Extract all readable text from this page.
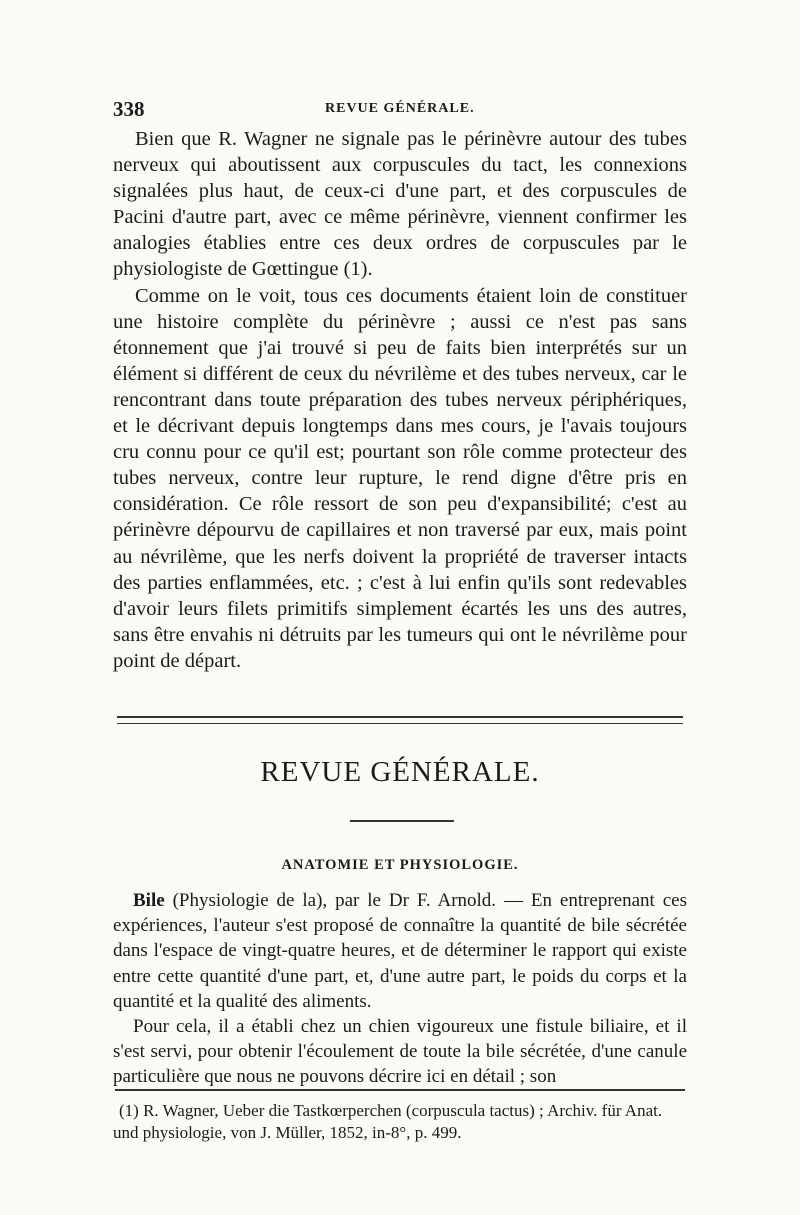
338	REVUE GÉNÉRALE.

Bien que R. Wagner ne signale pas le périnèvre autour des tubes nerveux qui aboutissent aux corpuscules du tact, les connexions signalées plus haut, de ceux-ci d'une part, et des corpuscules de Pacini d'autre part, avec ce même périnèvre, viennent confirmer les analogies établies entre ces deux ordres de corpuscules par le physiologiste de Gœttingue (1).

Comme on le voit, tous ces documents étaient loin de constituer une histoire complète du périnèvre ; aussi ce n'est pas sans étonnement que j'ai trouvé si peu de faits bien interprétés sur un élément si différent de ceux du névrilème et des tubes nerveux, car le rencontrant dans toute préparation des tubes nerveux périphériques, et le décrivant depuis longtemps dans mes cours, je l'avais toujours cru connu pour ce qu'il est; pourtant son rôle comme protecteur des tubes nerveux, contre leur rupture, le rend digne d'être pris en considération. Ce rôle ressort de son peu d'expansibilité; c'est au périnèvre dépourvu de capillaires et non traversé par eux, mais point au névrilème, que les nerfs doivent la propriété de traverser intacts des parties enflammées, etc. ; c'est à lui enfin qu'ils sont redevables d'avoir leurs filets primitifs simplement écartés les uns des autres, sans être envahis ni détruits par les tumeurs qui ont le névrilème pour point de départ.

REVUE GÉNÉRALE.
ANATOMIE ET PHYSIOLOGIE.

Bile (Physiologie de la), par le Dr F. Arnold. — En entreprenant ces expériences, l'auteur s'est proposé de connaître la quantité de bile sécrétée dans l'espace de vingt-quatre heures, et de déterminer le rapport qui existe entre cette quantité d'une part, et, d'une autre part, le poids du corps et la quantité et la qualité des aliments.

Pour cela, il a établi chez un chien vigoureux une fistule biliaire, et il s'est servi, pour obtenir l'écoulement de toute la bile sécrétée, d'une canule particulière que nous ne pouvons décrire ici en détail ; son

(1) R. Wagner, Ueber die Tastkœrperchen (corpuscula tactus) ; Archiv. für Anat. und physiologie, von J. Müller, 1852, in-8°, p. 499.
